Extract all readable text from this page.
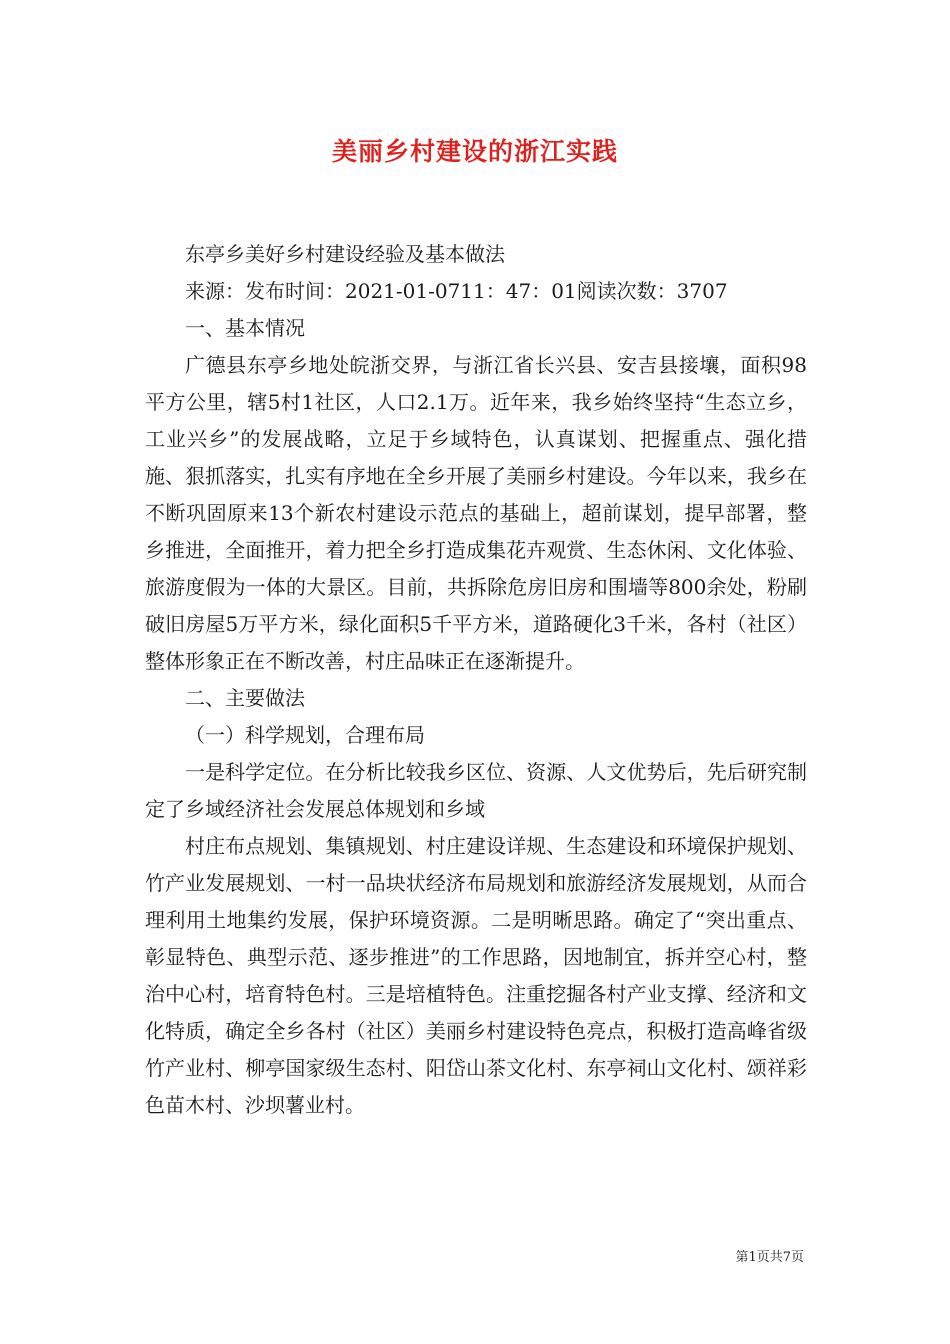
美丽乡村建设的浙江实践

东亭乡美好乡村建设经验及基本做法

来源：发布时间：2021-01-0711：47：01阅读次数：3707

一、基本情况

广德县东亭乡地处皖浙交界，与浙江省长兴县、安吉县接壤，面积98平方公里，辖5村1社区，人口2.1万。近年来，我乡始终坚持“生态立乡，工业兴乡”的发展战略，立足于乡域特色，认真谋划、把握重点、强化措施、狠抓落实，扎实有序地在全乡开展了美丽乡村建设。今年以来，我乡在不断巩固原来13个新农村建设示范点的基础上，超前谋划，提早部署，整乡推进，全面推开，着力把全乡打造成集花卉观赏、生态休闲、文化体验、旅游度假为一体的大景区。目前，共拆除危房旧房和围墙等800余处，粉刷破旧房屋5万平方米，绿化面积5千平方米，道路硬化3千米，各村（社区）整体形象正在不断改善，村庄品味正在逐渐提升。

二、主要做法

（一）科学规划，合理布局

一是科学定位。在分析比较我乡区位、资源、人文优势后，先后研究制定了乡域经济社会发展总体规划和乡域

村庄布点规划、集镇规划、村庄建设详规、生态建设和环境保护规划、竹产业发展规划、一村一品块状经济布局规划和旅游经济发展规划，从而合理利用土地集约发展，保护环境资源。二是明晰思路。确定了“突出重点、彰显特色、典型示范、逐步推进”的工作思路，因地制宜，拆并空心村，整治中心村，培育特色村。三是培植特色。注重挖掘各村产业支撑、经济和文化特质，确定全乡各村（社区）美丽乡村建设特色亮点，积极打造高峰省级竹产业村、柳亭国家级生态村、阳岱山茶文化村、东亭祠山文化村、颂祥彩色苗木村、沙坝薯业村。

第1页共7页
